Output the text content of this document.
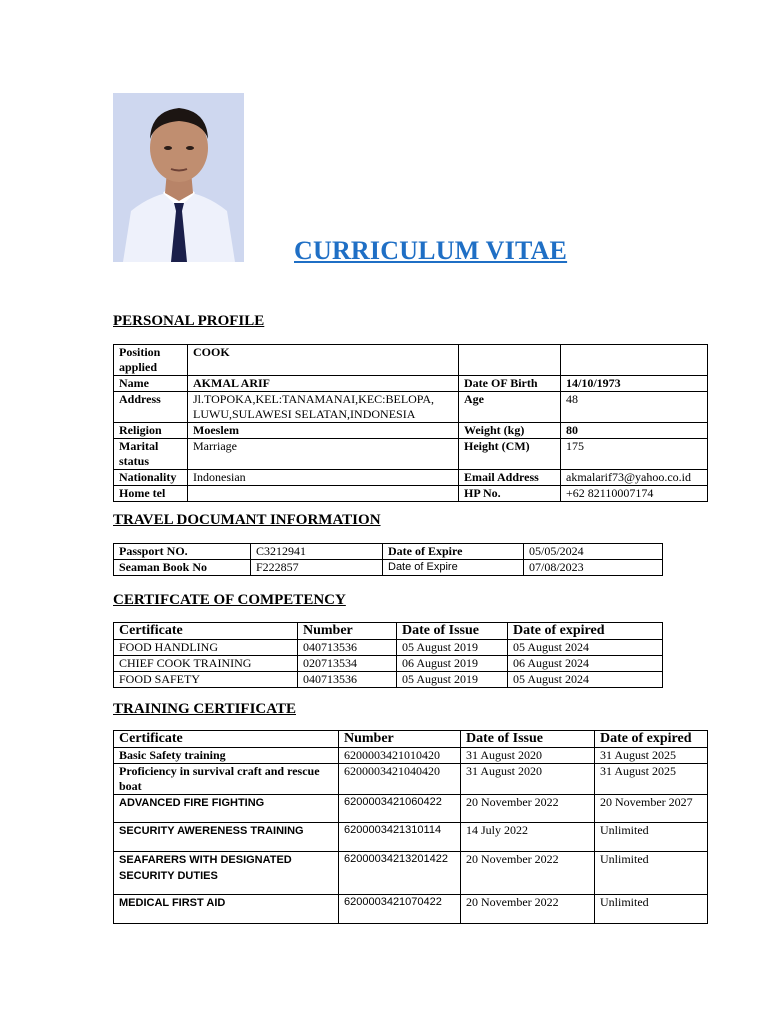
CURRICULUM VITAE
PERSONAL PROFILE
Position applied	COOK		
Name	AKMAL ARIF	Date OF Birth	14/10/1973
Address	Jl.TOPOKA,KEL:TANAMANAI,KEC:BELOPA, LUWU,SULAWESI SELATAN,INDONESIA	Age	48
Religion	Moeslem	Weight (kg)	80
Marital status	Marriage	Height (CM)	175
Nationality	Indonesian	Email Address	akmalarif73@yahoo.co.id
Home tel		HP No.	+62 82110007174
TRAVEL DOCUMANT INFORMATION
Passport NO.	C3212941	Date of Expire	05/05/2024
Seaman Book No	F222857	Date of Expire	07/08/2023
CERTIFCATE OF COMPETENCY
Certificate	Number	Date of Issue	Date of expired
FOOD HANDLING	040713536	05 August 2019	05 August 2024
CHIEF COOK TRAINING	020713534	06 August 2019	06 August 2024
FOOD SAFETY	040713536	05 August 2019	05 August 2024
TRAINING CERTIFICATE
Certificate	Number	Date of Issue	Date of expired
Basic Safety training	6200003421010420	31 August 2020	31 August 2025
Proficiency in survival craft and rescue boat	6200003421040420	31 August 2020	31 August 2025
ADVANCED FIRE FIGHTING	6200003421060422	20 November 2022	20 November 2027
SECURITY AWERENESS TRAINING	6200003421310114	14 July 2022	Unlimited
SEAFARERS WITH DESIGNATED SECURITY DUTIES	62000034213201422	20 November 2022	Unlimited
MEDICAL FIRST AID	6200003421070422	20 November 2022	Unlimited
